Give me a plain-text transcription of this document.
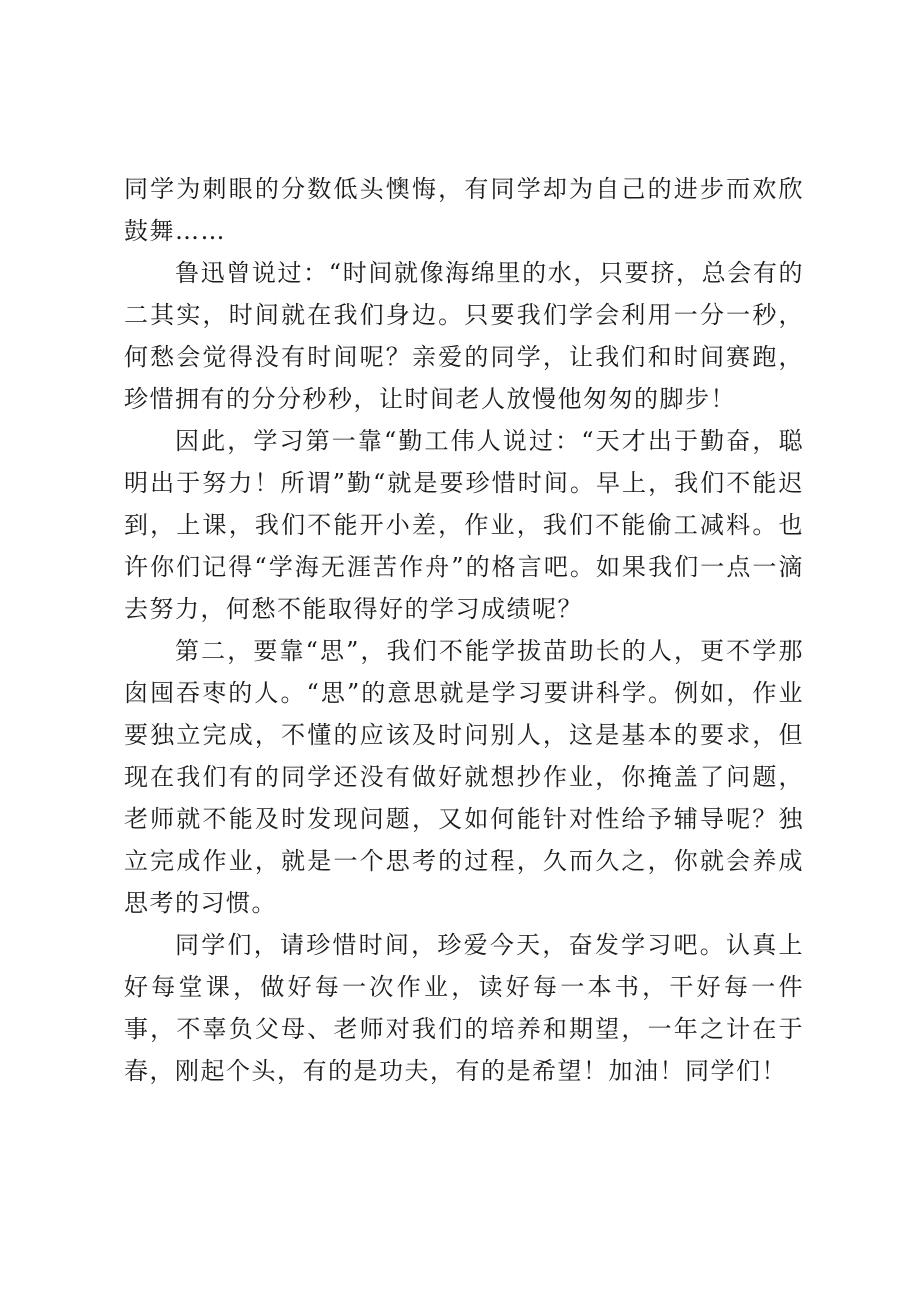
同学为刺眼的分数低头懊悔，有同学却为自己的进步而欢欣鼓舞……

鲁迅曾说过：“时间就像海绵里的水，只要挤，总会有的二其实，时间就在我们身边。只要我们学会利用一分一秒，何愁会觉得没有时间呢？亲爱的同学，让我们和时间赛跑，珍惜拥有的分分秒秒，让时间老人放慢他匆匆的脚步！

因此，学习第一靠“勤工伟人说过：“天才出于勤奋，聪明出于努力！所谓”勤“就是要珍惜时间。早上，我们不能迟到，上课，我们不能开小差，作业，我们不能偷工减料。也许你们记得“学海无涯苦作舟”的格言吧。如果我们一点一滴去努力，何愁不能取得好的学习成绩呢？

第二，要靠“思”，我们不能学拔苗助长的人，更不学那囱囤吞枣的人。“思”的意思就是学习要讲科学。例如，作业要独立完成，不懂的应该及时问别人，这是基本的要求，但现在我们有的同学还没有做好就想抄作业，你掩盖了问题，老师就不能及时发现问题，又如何能针对性给予辅导呢？独立完成作业，就是一个思考的过程，久而久之，你就会养成思考的习惯。

同学们，请珍惜时间，珍爱今天，奋发学习吧。认真上好每堂课，做好每一次作业，读好每一本书，干好每一件事，不辜负父母、老师对我们的培养和期望，一年之计在于春，刚起个头，有的是功夫，有的是希望！加油！同学们！
